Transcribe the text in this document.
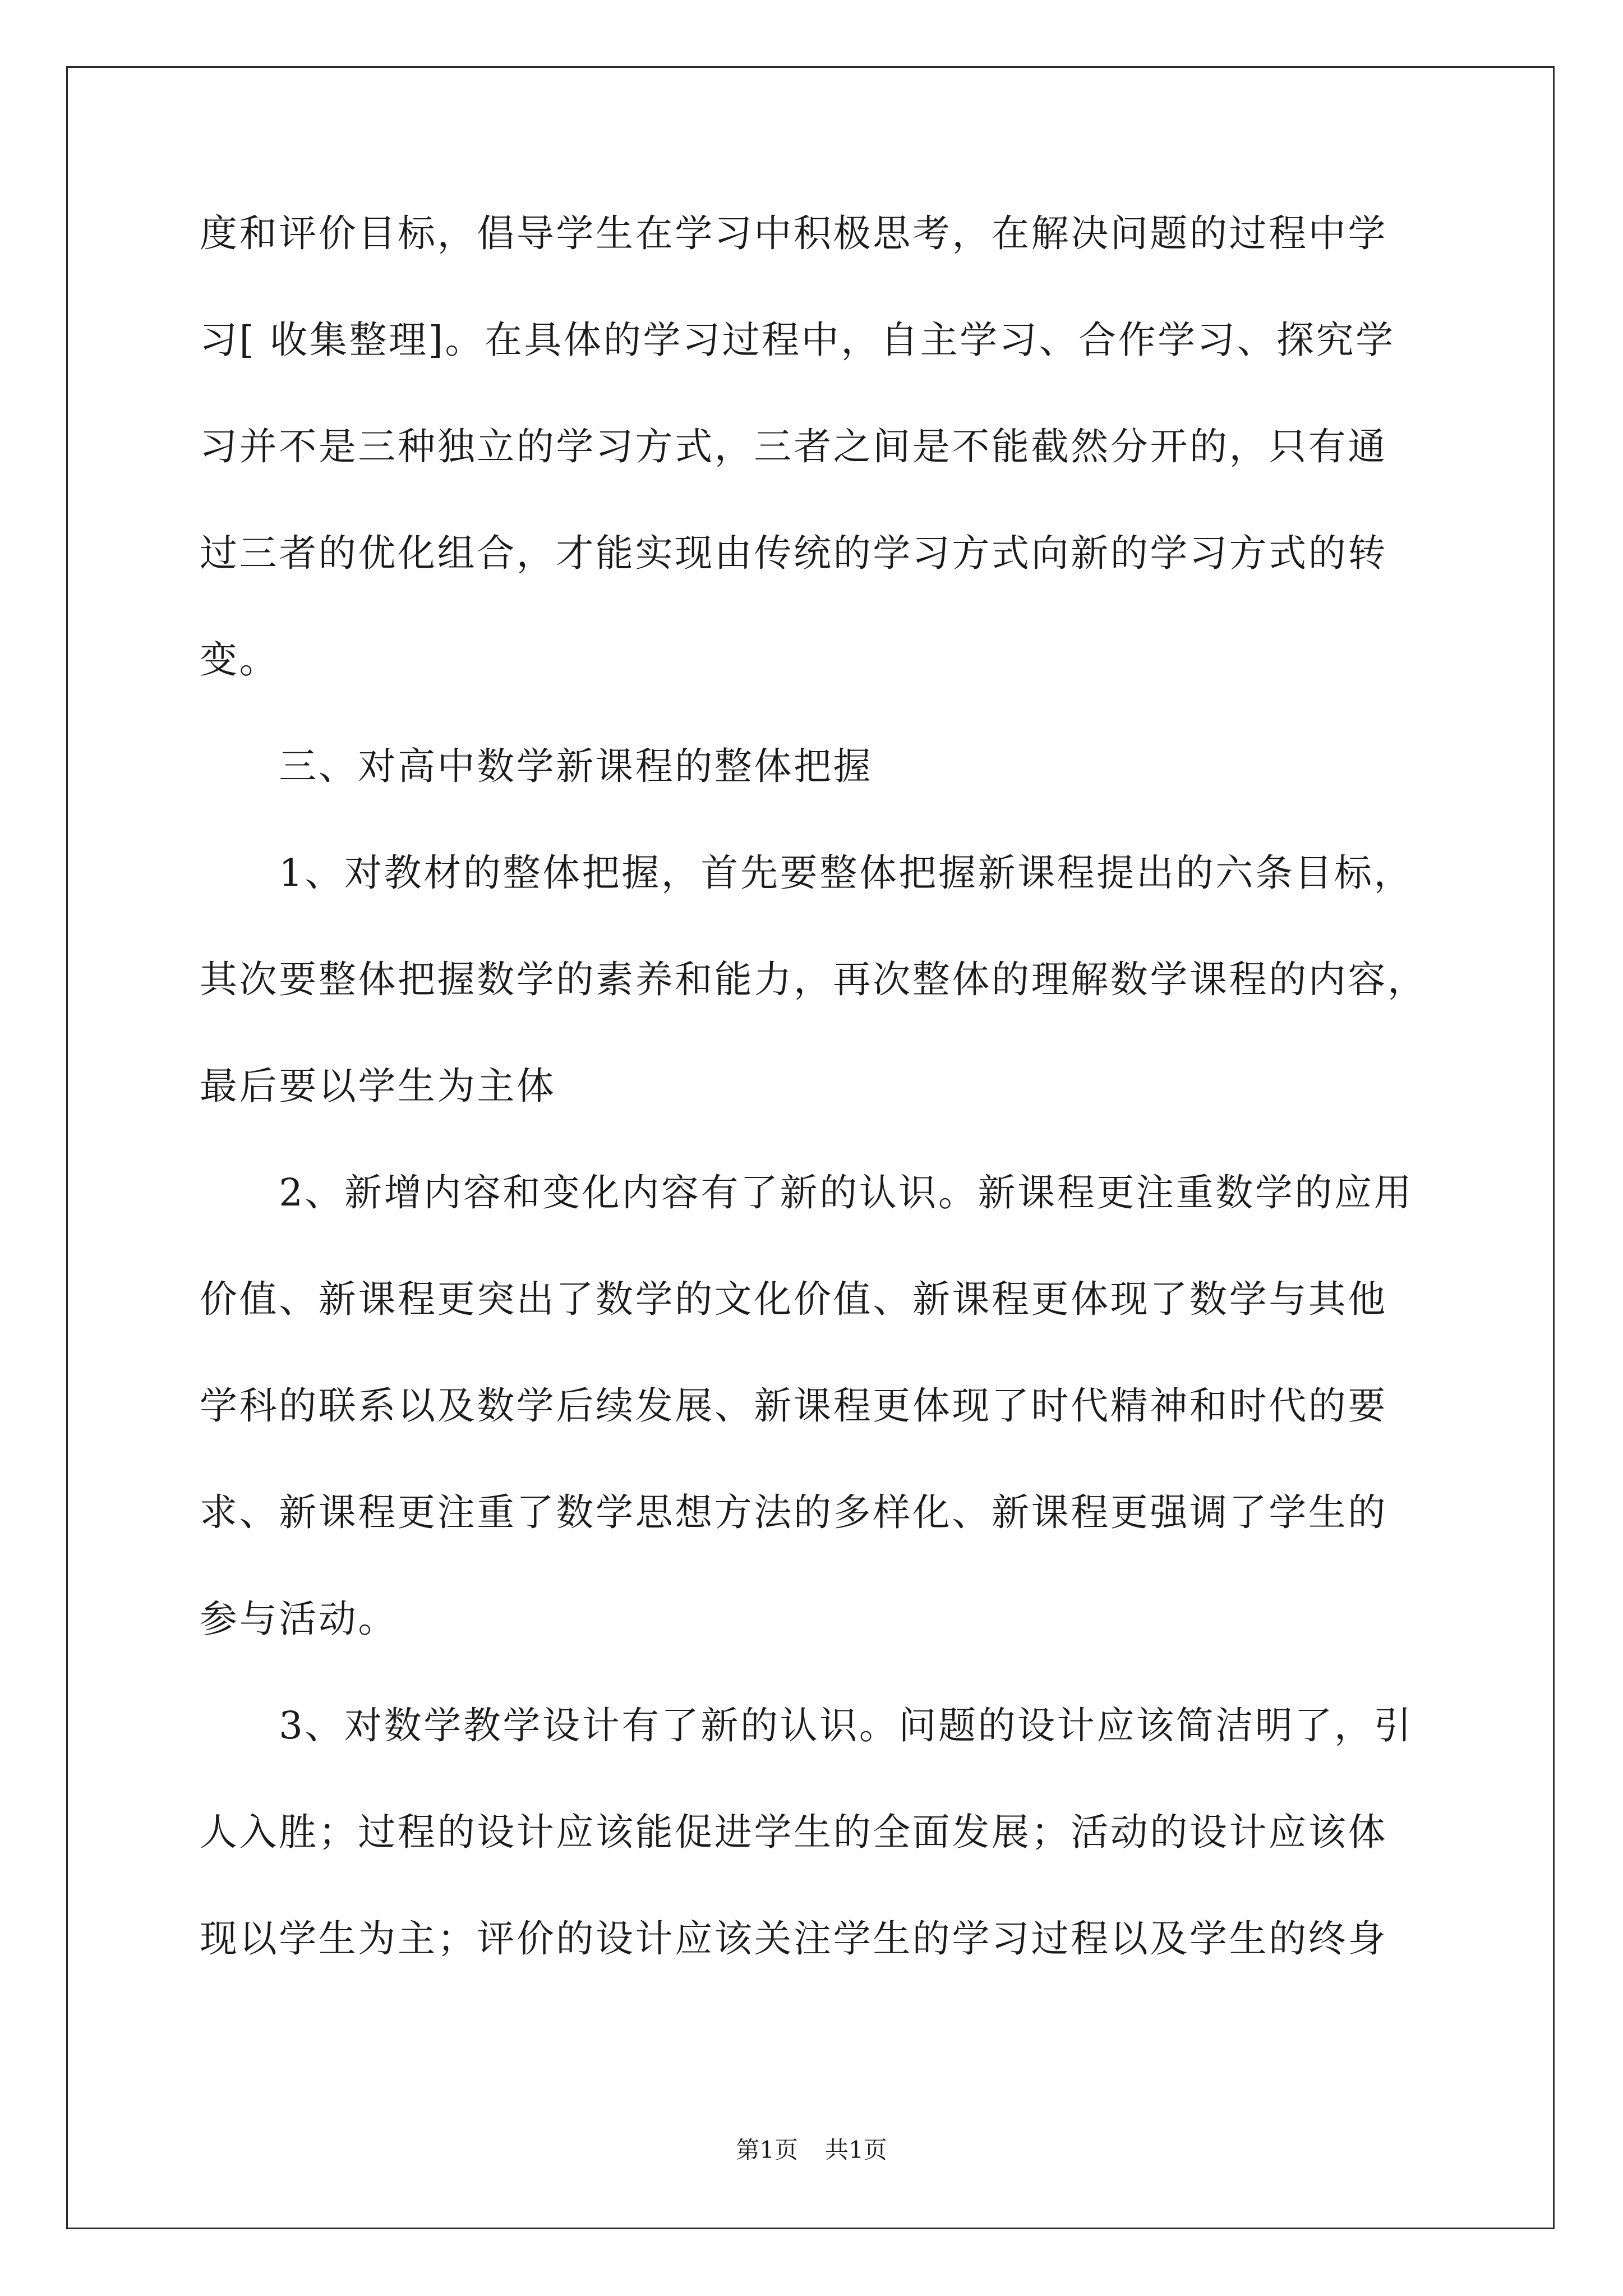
度和评价目标，倡导学生在学习中积极思考，在解决问题的过程中学

习[ 收集整理]。在具体的学习过程中，自主学习、合作学习、探究学

习并不是三种独立的学习方式，三者之间是不能截然分开的，只有通

过三者的优化组合，才能实现由传统的学习方式向新的学习方式的转

变。

　　三、对高中数学新课程的整体把握

　　1、对教材的整体把握，首先要整体把握新课程提出的六条目标，

其次要整体把握数学的素养和能力，再次整体的理解数学课程的内容，

最后要以学生为主体

　　2、新增内容和变化内容有了新的认识。新课程更注重数学的应用

价值、新课程更突出了数学的文化价值、新课程更体现了数学与其他

学科的联系以及数学后续发展、新课程更体现了时代精神和时代的要

求、新课程更注重了数学思想方法的多样化、新课程更强调了学生的

参与活动。

　　3、对数学教学设计有了新的认识。问题的设计应该简洁明了，引

人入胜；过程的设计应该能促进学生的全面发展；活动的设计应该体

现以学生为主；评价的设计应该关注学生的学习过程以及学生的终身

第1页 共1页
